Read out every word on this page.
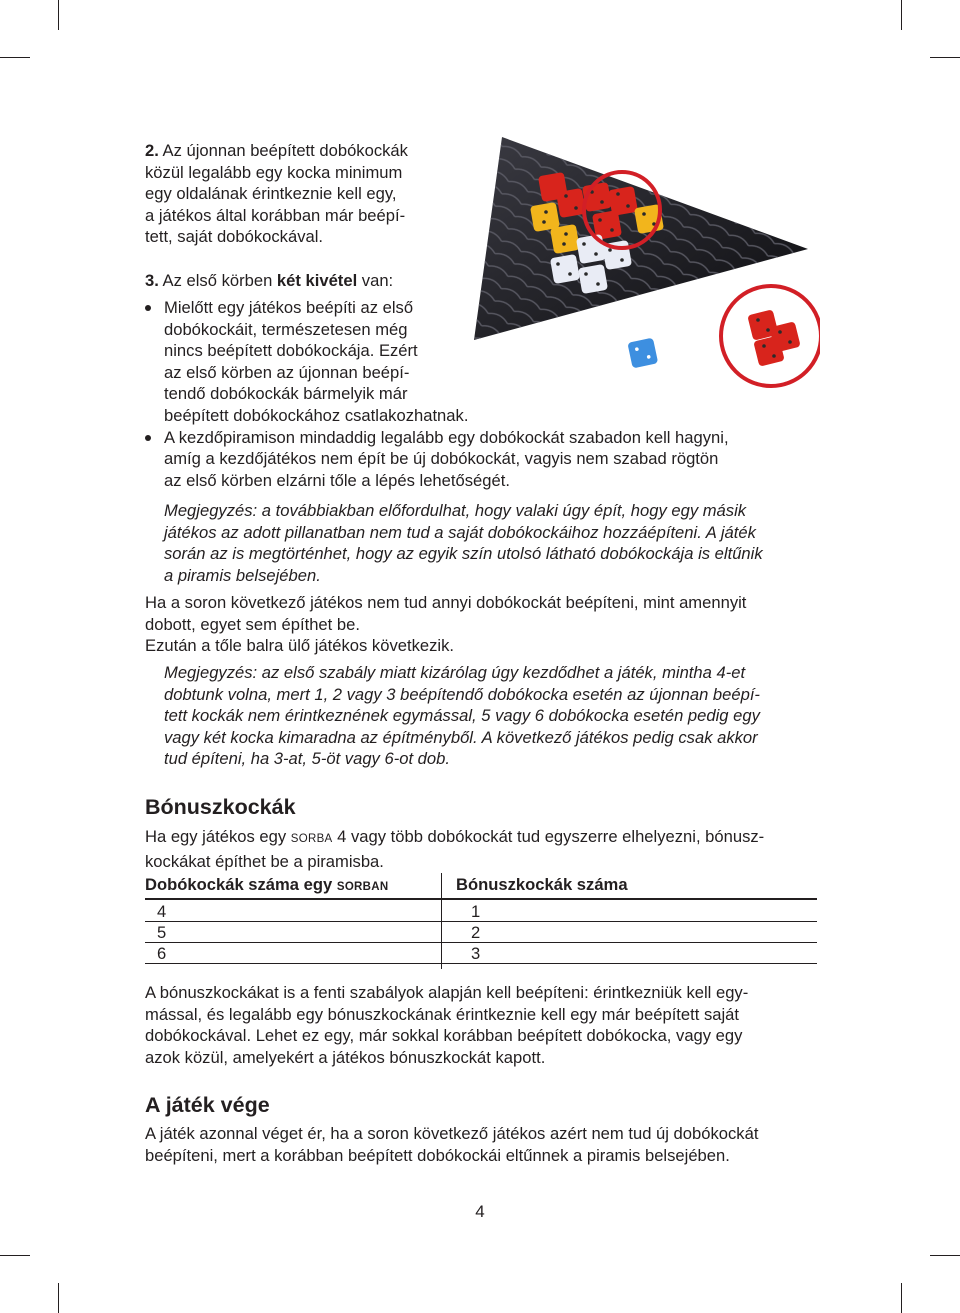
2. Az újonnan beépített dobókockák

közül legalább egy kocka minimum

egy oldalának érintkeznie kell egy,

a játékos által korábban már beépí-

tett, saját dobókockával.

3. Az első körben két kivétel van:

Mielőtt egy játékos beépíti az első
dobókockáit, természetesen még
nincs beépített dobókockája. Ezért
az első körben az újonnan beépí-
tendő dobókockák bármelyik már
beépített dobókockához csatlakozhatnak.
A kezdőpiramison mindaddig legalább egy dobókockát szabadon kell hagyni,
amíg a kezdőjátékos nem épít be új dobókockát, vagyis nem szabad rögtön
az első körben elzárni tőle a lépés lehetőségét.

Megjegyzés: a továbbiakban előfordulhat, hogy valaki úgy épít, hogy egy másik

játékos az adott pillanatban nem tud a saját dobókockáihoz hozzáépíteni. A játék

során az is megtörténhet, hogy az egyik szín utolsó látható dobókockája is eltűnik

a piramis belsejében.

Ha a soron következő játékos nem tud annyi dobókockát beépíteni, mint amennyit

dobott, egyet sem építhet be.

Ezután a tőle balra ülő játékos következik.

Megjegyzés: az első szabály miatt kizárólag úgy kezdődhet a játék, mintha 4-et

dobtunk volna, mert 1, 2 vagy 3 beépítendő dobókocka esetén az újonnan beépí-

tett kockák nem érintkeznének egymással, 5 vagy 6 dobókocka esetén pedig egy

vagy két kocka kimaradna az építményből. A következő játékos pedig csak akkor

tud építeni, ha 3-at, 5-öt vagy 6-ot dob.

Bónuszkockák

Ha egy játékos egy SORBA 4 vagy több dobókockát tud egyszerre elhelyezni, bónusz-

kockákat építhet be a piramisba.

Dobókockák száma egy SORBAN	Bónuszkockák száma
4	1
5	2
6	3

A bónuszkockákat is a fenti szabályok alapján kell beépíteni: érintkezniük kell egy-

mással, és legalább egy bónuszkockának érintkeznie kell egy már beépített saját

dobókockával. Lehet ez egy, már sokkal korábban beépített dobókocka, vagy egy

azok közül, amelyekért a játékos bónuszkockát kapott.

A játék vége

A játék azonnal véget ér, ha a soron következő játékos azért nem tud új dobókockát

beépíteni, mert a korábban beépített dobókockái eltűnnek a piramis belsejében.

4
